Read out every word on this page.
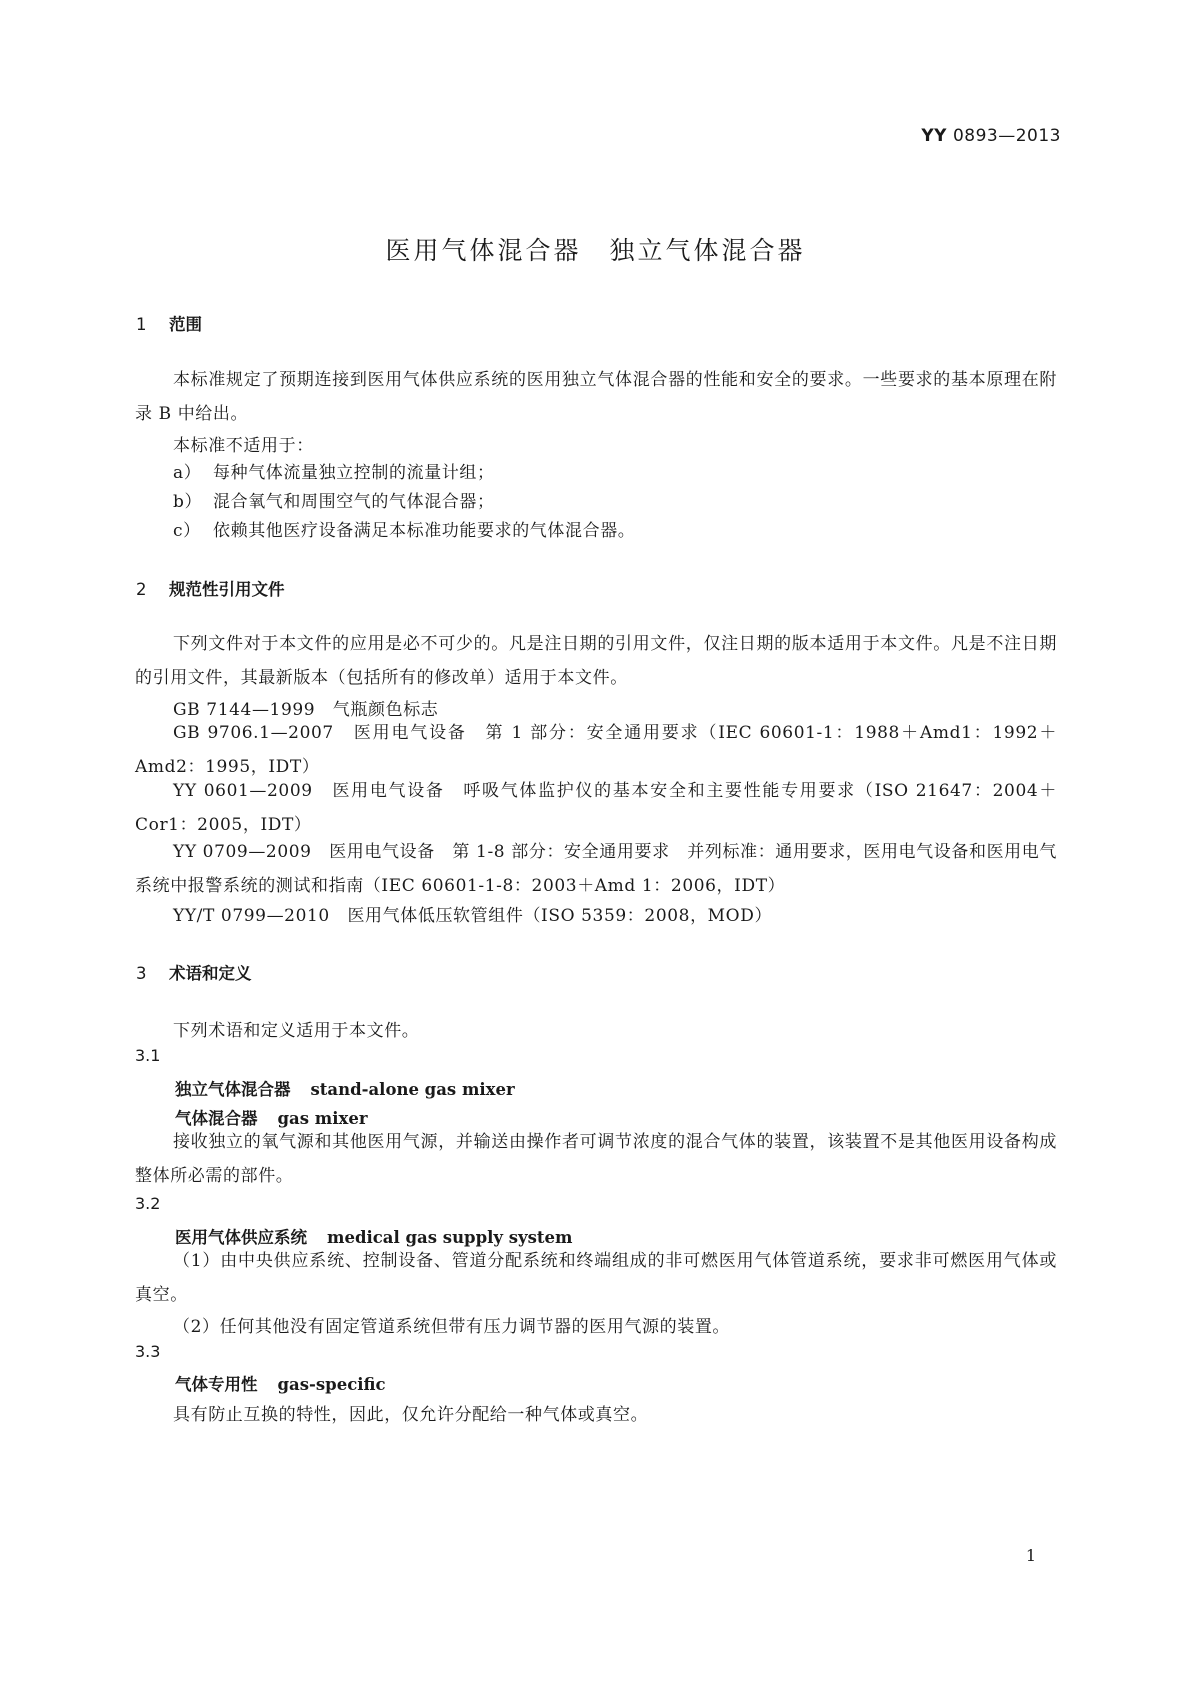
YY 0893—2013
医用气体混合器　独立气体混合器
1 范围
本标准规定了预期连接到医用气体供应系统的医用独立气体混合器的性能和安全的要求。一些要求的基本原理在附录 B 中给出。
本标准不适用于：
a） 每种气体流量独立控制的流量计组；
b） 混合氧气和周围空气的气体混合器；
c） 依赖其他医疗设备满足本标准功能要求的气体混合器。
2 规范性引用文件
下列文件对于本文件的应用是必不可少的。凡是注日期的引用文件，仅注日期的版本适用于本文件。凡是不注日期的引用文件，其最新版本（包括所有的修改单）适用于本文件。
GB 7144—1999　气瓶颜色标志
GB 9706.1—2007　医用电气设备　第 1 部分：安全通用要求（IEC 60601-1：1988＋Amd1：1992＋Amd2：1995，IDT）
YY 0601—2009　医用电气设备　呼吸气体监护仪的基本安全和主要性能专用要求（ISO 21647：2004＋Cor1：2005，IDT）
YY 0709—2009　医用电气设备　第 1-8 部分：安全通用要求　并列标准：通用要求，医用电气设备和医用电气系统中报警系统的测试和指南（IEC 60601-1-8：2003＋Amd 1：2006，IDT）
YY/T 0799—2010　医用气体低压软管组件（ISO 5359：2008，MOD）
3 术语和定义
下列术语和定义适用于本文件。
3.1
独立气体混合器 stand-alone gas mixer
气体混合器 gas mixer
接收独立的氧气源和其他医用气源，并输送由操作者可调节浓度的混合气体的装置，该装置不是其他医用设备构成整体所必需的部件。
3.2
医用气体供应系统 medical gas supply system
（1）由中央供应系统、控制设备、管道分配系统和终端组成的非可燃医用气体管道系统，要求非可燃医用气体或真空。
（2）任何其他没有固定管道系统但带有压力调节器的医用气源的装置。
3.3
气体专用性 gas-specific
具有防止互换的特性，因此，仅允许分配给一种气体或真空。
1
